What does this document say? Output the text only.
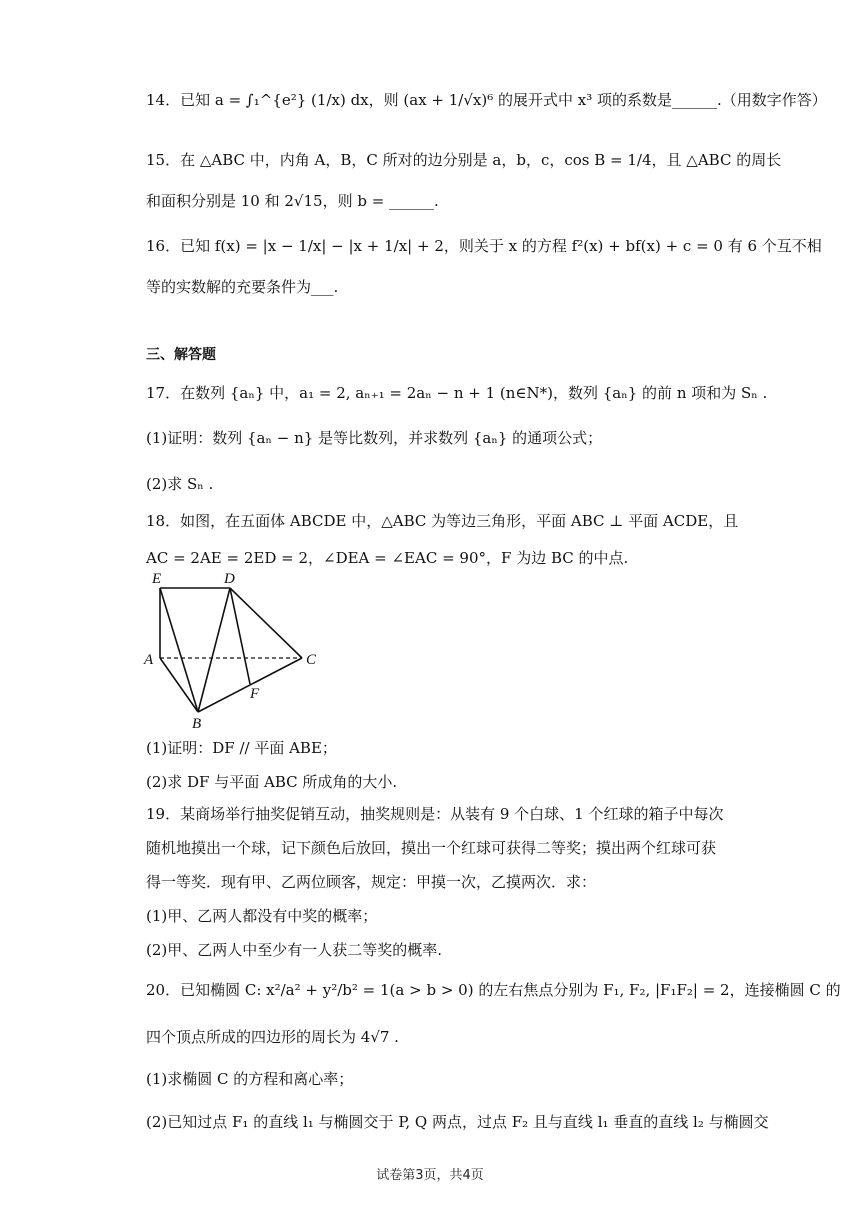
14．已知 a = ∫₁^{e²} (1/x) dx，则 (ax + 1/√x)⁶ 的展开式中 x³ 项的系数是______.（用数字作答）
15．在 △ABC 中，内角 A，B，C 所对的边分别是 a，b，c，cos B = 1/4，且 △ABC 的周长
和面积分别是 10 和 2√15，则 b = ______.
16．已知 f(x) = |x − 1/x| − |x + 1/x| + 2，则关于 x 的方程 f²(x) + bf(x) + c = 0 有 6 个互不相
等的实数解的充要条件为___.
三、解答题
17．在数列 {aₙ} 中，a₁ = 2, aₙ₊₁ = 2aₙ − n + 1 (n∈N*)，数列 {aₙ} 的前 n 项和为 Sₙ .
(1)证明：数列 {aₙ − n} 是等比数列，并求数列 {aₙ} 的通项公式；
(2)求 Sₙ .
18．如图，在五面体 ABCDE 中，△ABC 为等边三角形，平面 ABC ⊥ 平面 ACDE，且
AC = 2AE = 2ED = 2，∠DEA = ∠EAC = 90°，F 为边 BC 的中点.
E	D
A	C
F
B
(1)证明：DF // 平面 ABE；
(2)求 DF 与平面 ABC 所成角的大小.
19．某商场举行抽奖促销互动，抽奖规则是：从装有 9 个白球、1 个红球的箱子中每次
随机地摸出一个球，记下颜色后放回，摸出一个红球可获得二等奖；摸出两个红球可获
得一等奖．现有甲、乙两位顾客，规定：甲摸一次，乙摸两次．求：
(1)甲、乙两人都没有中奖的概率；
(2)甲、乙两人中至少有一人获二等奖的概率.
20．已知椭圆 C: x²/a² + y²/b² = 1(a > b > 0) 的左右焦点分别为 F₁, F₂, |F₁F₂| = 2，连接椭圆 C 的
四个顶点所成的四边形的周长为 4√7 .
(1)求椭圆 C 的方程和离心率；
(2)已知过点 F₁ 的直线 l₁ 与椭圆交于 P, Q 两点，过点 F₂ 且与直线 l₁ 垂直的直线 l₂ 与椭圆交
试卷第3页，共4页
